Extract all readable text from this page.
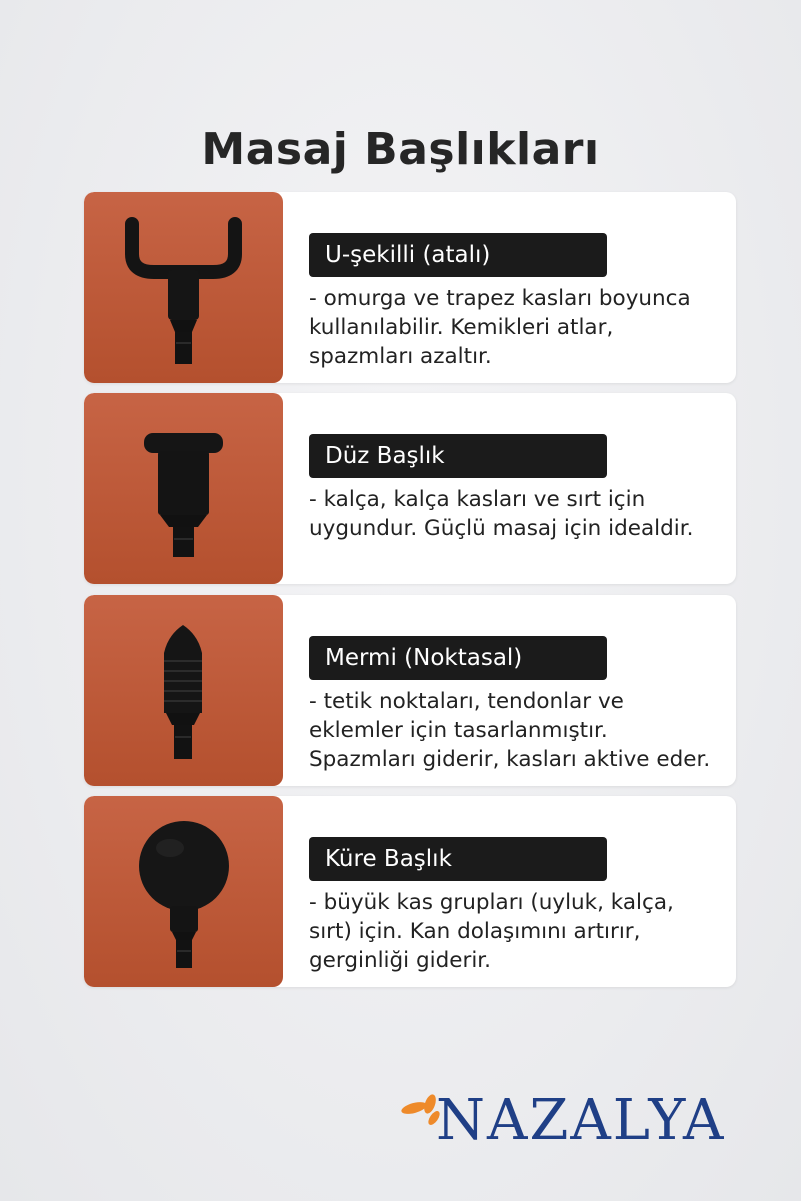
Masaj Başlıkları
U-şekilli (atalı)
- omurga ve trapez kasları boyunca
kullanılabilir. Kemikleri atlar,
spazmları azaltır.
Düz Başlık
- kalça, kalça kasları ve sırt için
uygundur. Güçlü masaj için idealdir.
Mermi (Noktasal)
- tetik noktaları, tendonlar ve
eklemler için tasarlanmıştır.
Spazmları giderir, kasları aktive eder.
Küre Başlık
- büyük kas grupları (uyluk, kalça,
sırt) için. Kan dolaşımını artırır,
gerginliği giderir.
NAZALYA
